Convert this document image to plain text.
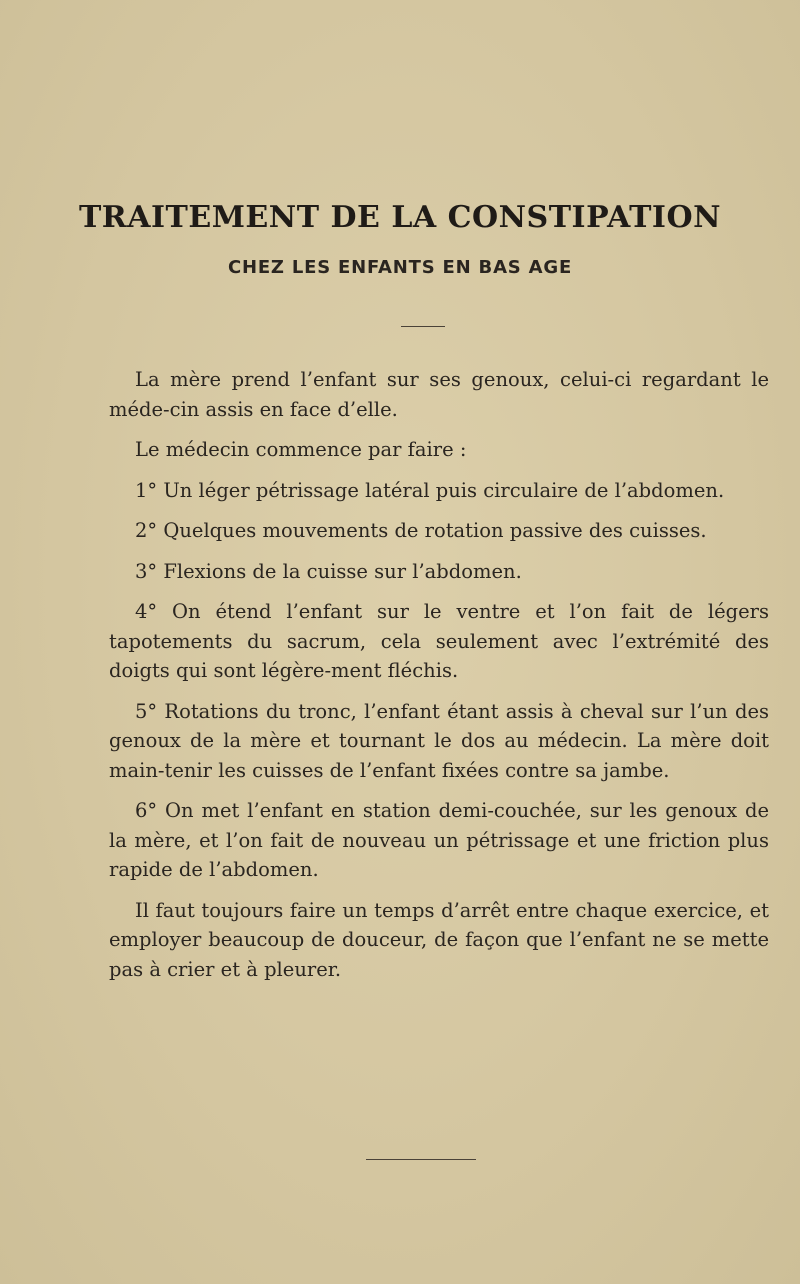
TRAITEMENT DE LA CONSTIPATION
CHEZ LES ENFANTS EN BAS AGE

La mère prend l’enfant sur ses genoux, celui-ci regardant le méde-cin assis en face d’elle.

Le médecin commence par faire :

1° Un léger pétrissage latéral puis circulaire de l’abdomen.

2° Quelques mouvements de rotation passive des cuisses.

3° Flexions de la cuisse sur l’abdomen.

4° On étend l’enfant sur le ventre et l’on fait de légers tapotements du sacrum, cela seulement avec l’extrémité des doigts qui sont légère-ment fléchis.

5° Rotations du tronc, l’enfant étant assis à cheval sur l’un des genoux de la mère et tournant le dos au médecin. La mère doit main-tenir les cuisses de l’enfant fixées contre sa jambe.

6° On met l’enfant en station demi-couchée, sur les genoux de la mère, et l’on fait de nouveau un pétrissage et une friction plus rapide de l’abdomen.

Il faut toujours faire un temps d’arrêt entre chaque exercice, et employer beaucoup de douceur, de façon que l’enfant ne se mette pas à crier et à pleurer.
